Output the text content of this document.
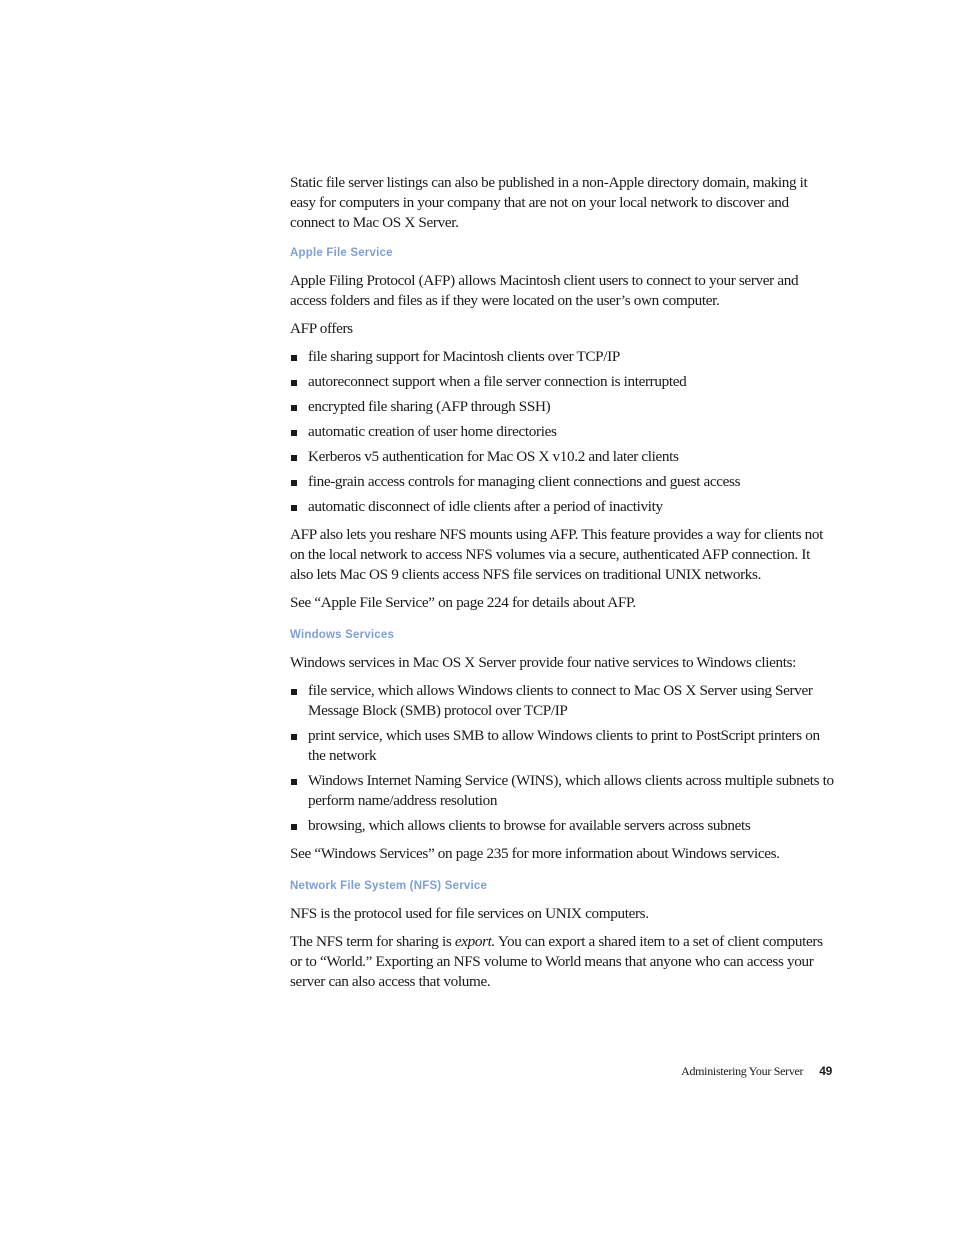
Static file server listings can also be published in a non-Apple directory domain, making it easy for computers in your company that are not on your local network to discover and connect to Mac OS X Server.

Apple File Service

Apple Filing Protocol (AFP) allows Macintosh client users to connect to your server and access folders and files as if they were located on the user’s own computer.

AFP offers

file sharing support for Macintosh clients over TCP/IP
autoreconnect support when a file server connection is interrupted
encrypted file sharing (AFP through SSH)
automatic creation of user home directories
Kerberos v5 authentication for Mac OS X v10.2 and later clients
fine-grain access controls for managing client connections and guest access
automatic disconnect of idle clients after a period of inactivity

AFP also lets you reshare NFS mounts using AFP. This feature provides a way for clients not on the local network to access NFS volumes via a secure, authenticated AFP connection. It also lets Mac OS 9 clients access NFS file services on traditional UNIX networks.

See “Apple File Service” on page 224 for details about AFP.

Windows Services

Windows services in Mac OS X Server provide four native services to Windows clients:

file service, which allows Windows clients to connect to Mac OS X Server using Server Message Block (SMB) protocol over TCP/IP
print service, which uses SMB to allow Windows clients to print to PostScript printers on the network
Windows Internet Naming Service (WINS), which allows clients across multiple subnets to perform name/address resolution
browsing, which allows clients to browse for available servers across subnets

See “Windows Services” on page 235 for more information about Windows services.

Network File System (NFS) Service

NFS is the protocol used for file services on UNIX computers.

The NFS term for sharing is export. You can export a shared item to a set of client computers or to “World.” Exporting an NFS volume to World means that anyone who can access your server can also access that volume.

Administering Your Server 49
